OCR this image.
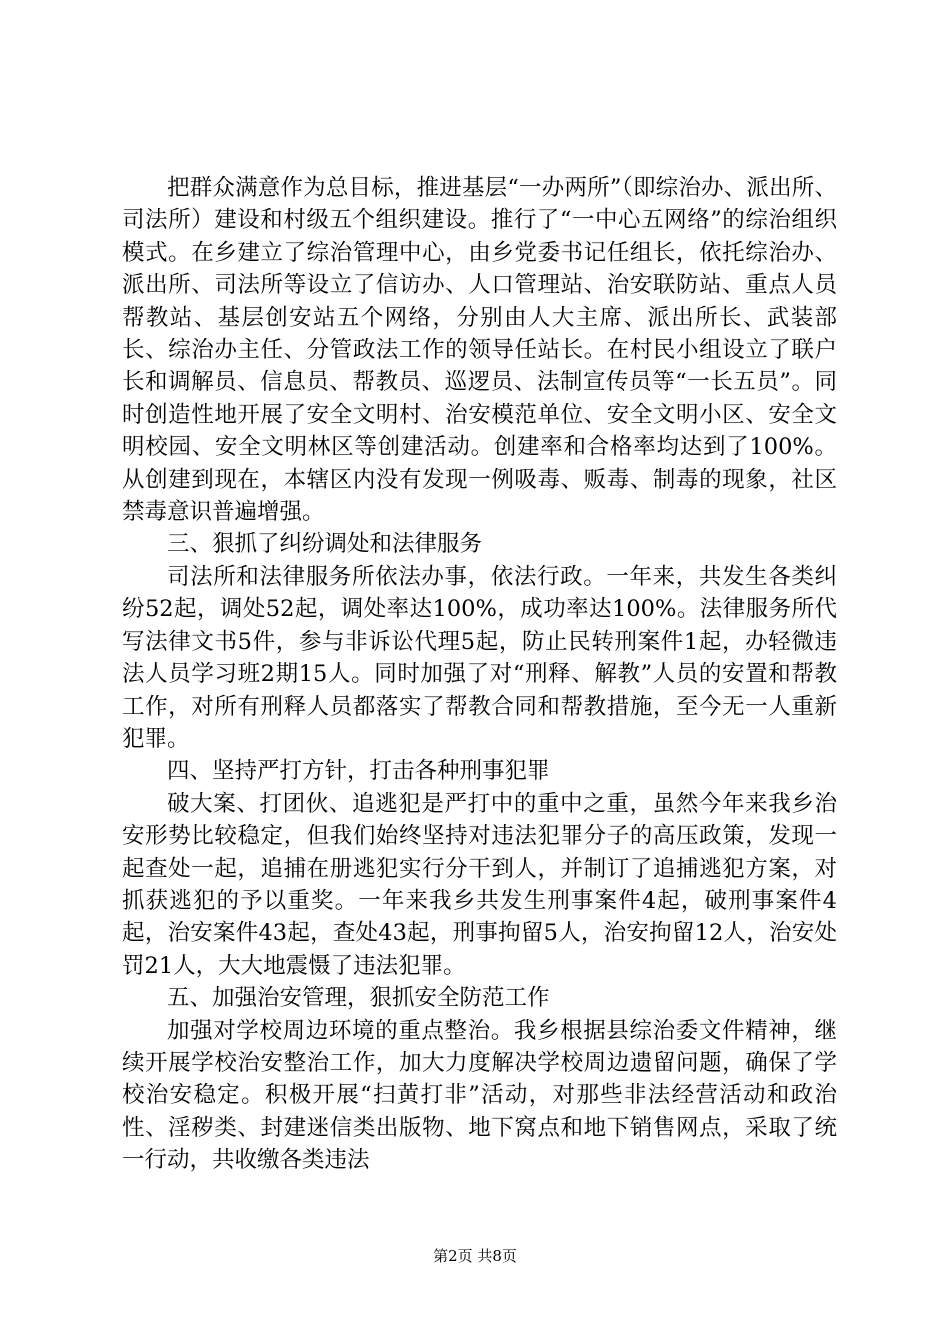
把群众满意作为总目标，推进基层“一办两所”（即综治办、派出所、司法所）建设和村级五个组织建设。推行了“一中心五网络”的综治组织模式。在乡建立了综治管理中心，由乡党委书记任组长，依托综治办、派出所、司法所等设立了信访办、人口管理站、治安联防站、重点人员帮教站、基层创安站五个网络，分别由人大主席、派出所长、武装部长、综治办主任、分管政法工作的领导任站长。在村民小组设立了联户长和调解员、信息员、帮教员、巡逻员、法制宣传员等“一长五员”。同时创造性地开展了安全文明村、治安模范单位、安全文明小区、安全文明校园、安全文明林区等创建活动。创建率和合格率均达到了100%。从创建到现在，本辖区内没有发现一例吸毒、贩毒、制毒的现象，社区禁毒意识普遍增强。

三、狠抓了纠纷调处和法律服务

司法所和法律服务所依法办事，依法行政。一年来，共发生各类纠纷52起，调处52起，调处率达100%，成功率达100%。法律服务所代写法律文书5件，参与非诉讼代理5起，防止民转刑案件1起，办轻微违法人员学习班2期15人。同时加强了对“刑释、解教”人员的安置和帮教工作，对所有刑释人员都落实了帮教合同和帮教措施，至今无一人重新犯罪。

四、坚持严打方针，打击各种刑事犯罪

破大案、打团伙、追逃犯是严打中的重中之重，虽然今年来我乡治安形势比较稳定，但我们始终坚持对违法犯罪分子的高压政策，发现一起查处一起，追捕在册逃犯实行分干到人，并制订了追捕逃犯方案，对抓获逃犯的予以重奖。一年来我乡共发生刑事案件4起，破刑事案件4起，治安案件43起，查处43起，刑事拘留5人，治安拘留12人，治安处罚21人，大大地震慑了违法犯罪。

五、加强治安管理，狠抓安全防范工作

加强对学校周边环境的重点整治。我乡根据县综治委文件精神，继续开展学校治安整治工作，加大力度解决学校周边遗留问题，确保了学校治安稳定。积极开展“扫黄打非”活动，对那些非法经营活动和政治性、淫秽类、封建迷信类出版物、地下窝点和地下销售网点，采取了统一行动，共收缴各类违法

第2页 共8页
